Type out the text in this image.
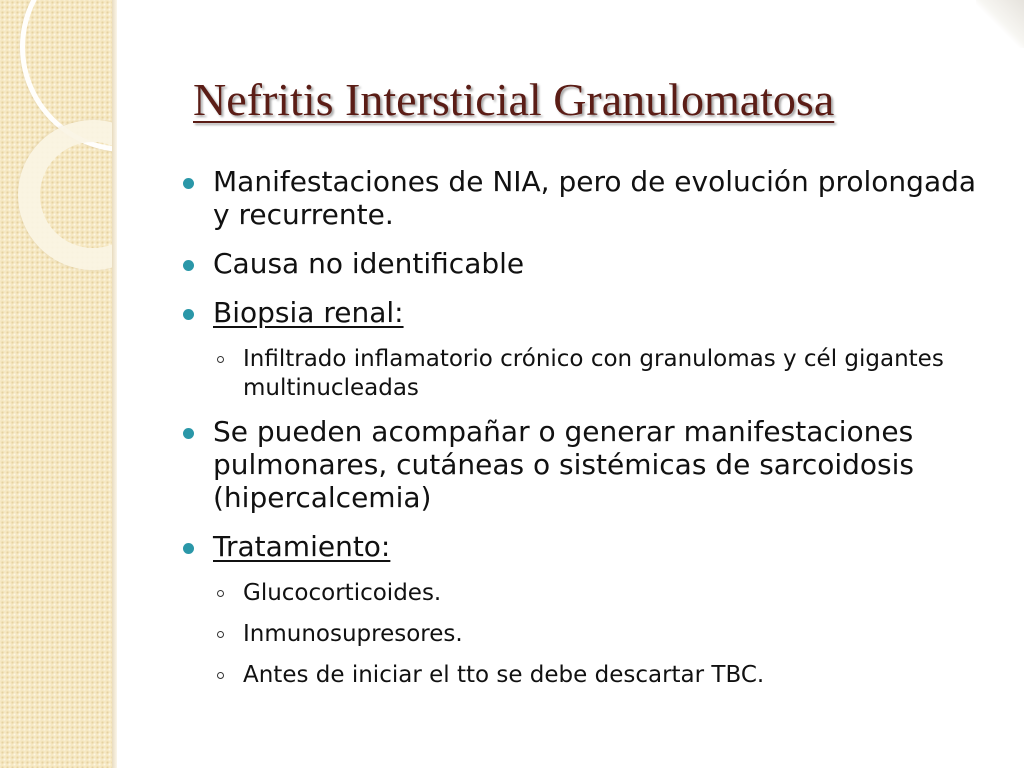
Nefritis Intersticial Granulomatosa
Manifestaciones de NIA, pero de evolución prolongada y recurrente.
Causa no identificable
Biopsia renal:
Infiltrado inflamatorio crónico con granulomas y cél gigantes multinucleadas
Se pueden acompañar o generar manifestaciones pulmonares, cutáneas o sistémicas de sarcoidosis (hipercalcemia)
Tratamiento:
Glucocorticoides.
Inmunosupresores.
Antes de iniciar el tto se debe descartar TBC.
